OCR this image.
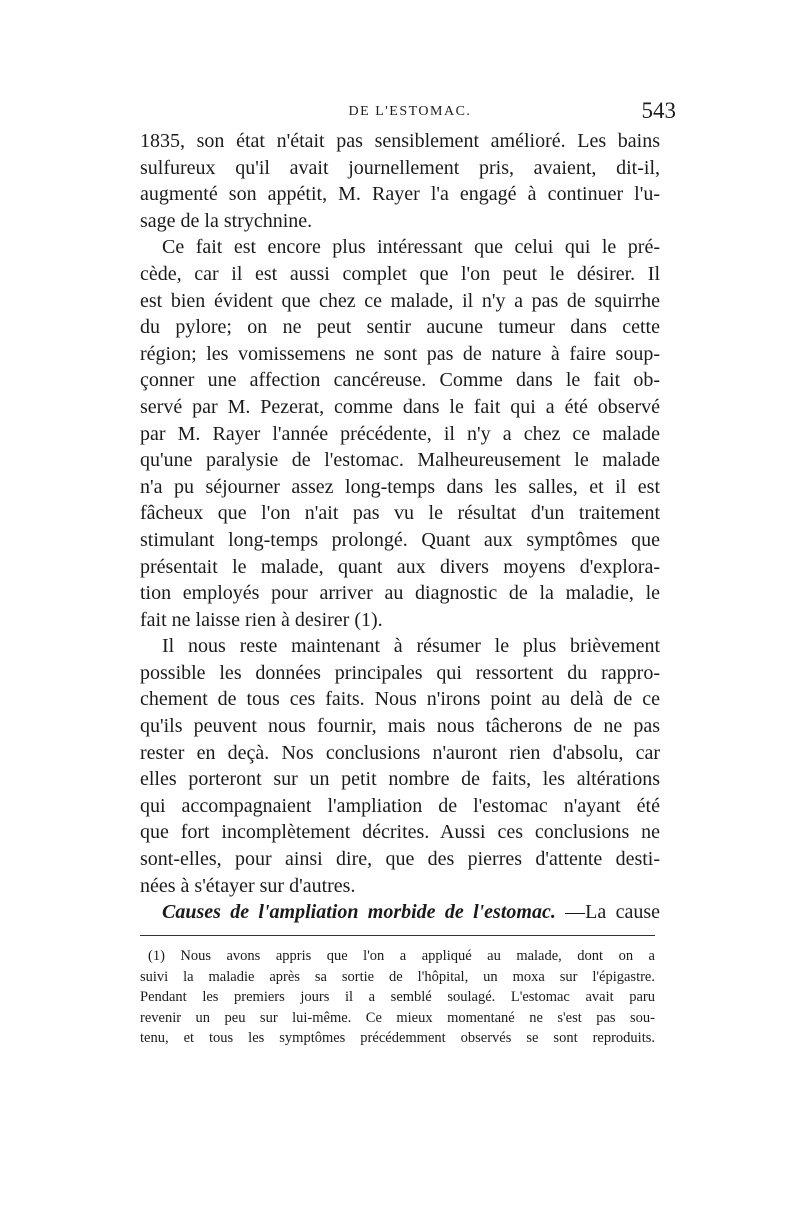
DE L'ESTOMAC.	543
1835, son état n'était pas sensiblement amélioré. Les bains
sulfureux qu'il avait journellement pris, avaient, dit-il,
augmenté son appétit, M. Rayer l'a engagé à continuer l'u-
sage de la strychnine.
Ce fait est encore plus intéressant que celui qui le pré-
cède, car il est aussi complet que l'on peut le désirer. Il
est bien évident que chez ce malade, il n'y a pas de squirrhe
du pylore; on ne peut sentir aucune tumeur dans cette
région; les vomissemens ne sont pas de nature à faire soup-
çonner une affection cancéreuse. Comme dans le fait ob-
servé par M. Pezerat, comme dans le fait qui a été observé
par M. Rayer l'année précédente, il n'y a chez ce malade
qu'une paralysie de l'estomac. Malheureusement le malade
n'a pu séjourner assez long-temps dans les salles, et il est
fâcheux que l'on n'ait pas vu le résultat d'un traitement
stimulant long-temps prolongé. Quant aux symptômes que
présentait le malade, quant aux divers moyens d'explora-
tion employés pour arriver au diagnostic de la maladie, le
fait ne laisse rien à desirer (1).
Il nous reste maintenant à résumer le plus brièvement
possible les données principales qui ressortent du rappro-
chement de tous ces faits. Nous n'irons point au delà de ce
qu'ils peuvent nous fournir, mais nous tâcherons de ne pas
rester en deçà. Nos conclusions n'auront rien d'absolu, car
elles porteront sur un petit nombre de faits, les altérations
qui accompagnaient l'ampliation de l'estomac n'ayant été
que fort incomplètement décrites. Aussi ces conclusions ne
sont-elles, pour ainsi dire, que des pierres d'attente desti-
nées à s'étayer sur d'autres.
Causes de l'ampliation morbide de l'estomac. —La cause
(1) Nous avons appris que l'on a appliqué au malade, dont on a
suivi la maladie après sa sortie de l'hôpital, un moxa sur l'épigastre.
Pendant les premiers jours il a semblé soulagé. L'estomac avait paru
revenir un peu sur lui-même. Ce mieux momentané ne s'est pas sou-
tenu, et tous les symptômes précédemment observés se sont reproduits.
